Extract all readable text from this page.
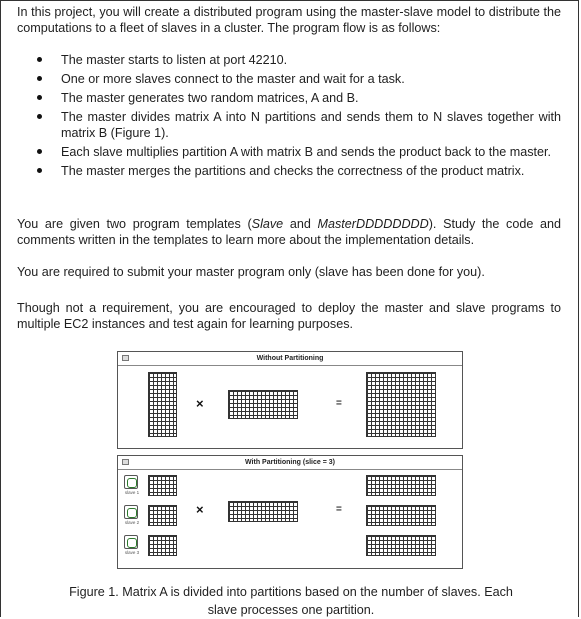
In this project, you will create a distributed program using the master-slave model to distribute the computations to a fleet of slaves in a cluster. The program flow is as follows:
The master starts to listen at port 42210.
One or more slaves connect to the master and wait for a task.
The master generates two random matrices, A and B.
The master divides matrix A into N partitions and sends them to N slaves together with matrix B (Figure 1).
Each slave multiplies partition A with matrix B and sends the product back to the master.
The master merges the partitions and checks the correctness of the product matrix.
You are given two program templates (Slave and MasterDDDDDDDD). Study the code and comments written in the templates to learn more about the implementation details.
You are required to submit your master program only (slave has been done for you).
Though not a requirement, you are encouraged to deploy the master and slave programs to multiple EC2 instances and test again for learning purposes.
Without Partitioning
×	=
With Partitioning (slice = 3)
slave 1
slave 2
slave 3
×	=
Figure 1. Matrix A is divided into partitions based on the number of slaves. Each slave processes one partition.
